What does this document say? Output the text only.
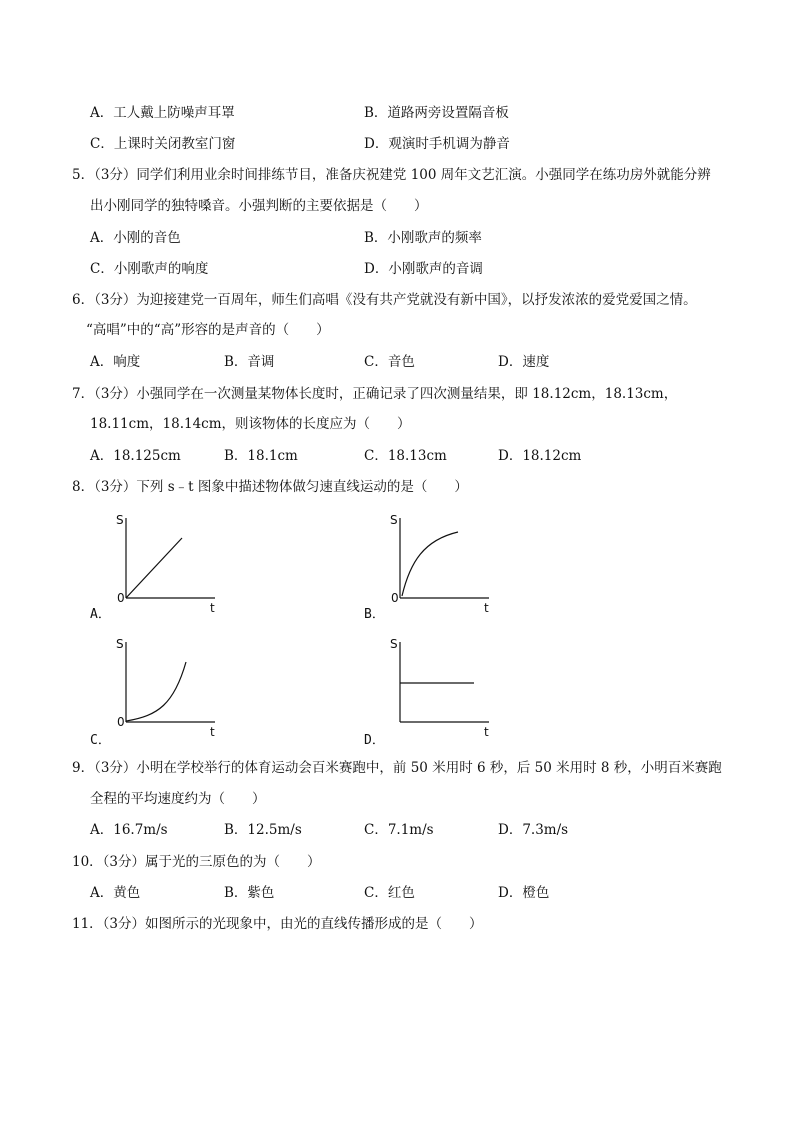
A．工人戴上防噪声耳罩	B．道路两旁设置隔音板
C．上课时关闭教室门窗	D．观演时手机调为静音
5．（3分）同学们利用业余时间排练节目，准备庆祝建党 100 周年文艺汇演。小强同学在练功房外就能分辨
出小刚同学的独特嗓音。小强判断的主要依据是（　　）
A．小刚的音色	B．小刚歌声的频率
C．小刚歌声的响度	D．小刚歌声的音调
6．（3分）为迎接建党一百周年，师生们高唱《没有共产党就没有新中国》，以抒发浓浓的爱党爱国之情。
“高唱”中的“高”形容的是声音的（　　）
A．响度	B．音调	C．音色	D．速度
7．（3分）小强同学在一次测量某物体长度时，正确记录了四次测量结果，即 18.12cm，18.13cm，
18.11cm，18.14cm，则该物体的长度应为（　　）
A．18.125cm	B．18.1cm	C．18.13cm	D．18.12cm
8．（3分）下列 s﹣t 图象中描述物体做匀速直线运动的是（　　）
S
0
t
A．
S
0
t
B．
S
0
t
C．
S
t
D．
9．（3分）小明在学校举行的体育运动会百米赛跑中，前 50 米用时 6 秒，后 50 米用时 8 秒，小明百米赛跑
全程的平均速度约为（　　）
A．16.7m/s	B．12.5m/s	C．7.1m/s	D．7.3m/s
10．（3分）属于光的三原色的为（　　）
A．黄色	B．紫色	C．红色	D．橙色
11．（3分）如图所示的光现象中，由光的直线传播形成的是（　　）
